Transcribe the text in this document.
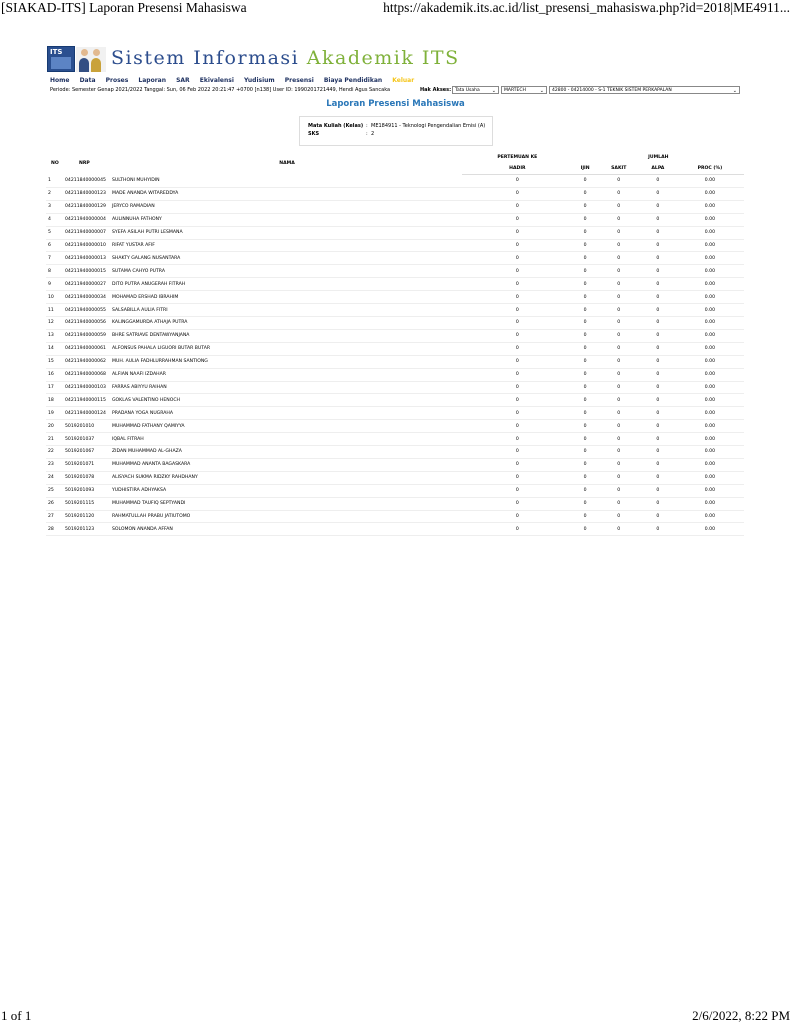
[SIAKAD-ITS] Laporan Presensi Mahasiswa	https://akademik.its.ac.id/list_presensi_mahasiswa.php?id=2018|ME4911...
ITS	Sistem Informasi Akademik ITS
Home Data Proses Laporan SAR Ekivalensi Yudisium Presensi Biaya Pendidikan Keluar
Periode: Semester Genap 2021/2022 Tanggal: Sun, 06 Feb 2022 20:21:47 +0700 [n138] User ID: 1990201721449, Hendi Agus Sancaka	Hak Akses: Tata Usaha ⌄	MARTECH	⌄	42800 - 04214000 - S-1 TEKNIK SISTEM PERKAPALAN	⌄
Laporan Presensi Mahasiswa
Mata Kuliah (Kelas) : ME184911 - Teknologi Pengendalian Emisi (A)
SKS	: 2
NO	NRP	NAMA	PERTEMUAN KE	JUMLAH			
			HADIR	IJIN	SAKIT	ALPA	PROC (%)
1	04211840000045	SULTHONI MUHYIDIN	0	0	0	0	0.00
2	04211840000123	MADE ANANDA WITAREDDYA	0	0	0	0	0.00
3	04211840000129	JERYCO RAMADIAN	0	0	0	0	0.00
4	04211940000004	AULINNUHA FATHONY	0	0	0	0	0.00
5	04211940000007	SYEFA ASILAH PUTRI LESMANA	0	0	0	0	0.00
6	04211940000010	RIFAT YUSTAR AFIF	0	0	0	0	0.00
7	04211940000013	SHAKTY GALANG NUSANTARA	0	0	0	0	0.00
8	04211940000015	SUTAMA CAHYO PUTRA	0	0	0	0	0.00
9	04211940000027	DITO PUTRA ANUGERAH FITRAH	0	0	0	0	0.00
10	04211940000034	MOHAMAD ERSHAD IBRAHIM	0	0	0	0	0.00
11	04211940000055	SALSABILLA AULIA FITRI	0	0	0	0	0.00
12	04211940000056	KALINGGAMURDA ATHAJA PUTRA	0	0	0	0	0.00
13	04211940000059	BHRE SATRIAVE DENTAWYANJANA	0	0	0	0	0.00
14	04211940000061	ALFONSUS PAHALA LIGUORI BUTAR BUTAR	0	0	0	0	0.00
15	04211940000062	MUH. AULIA FADHLURRAHMAN SANTIONG	0	0	0	0	0.00
16	04211940000068	ALFIAN NAAFI IZDAHAR	0	0	0	0	0.00
17	04211940000103	FARRAS ABIYYU RAIHAN	0	0	0	0	0.00
18	04211940000115	GOKLAS VALENTINO HENOCH	0	0	0	0	0.00
19	04211940000124	PRADANA YOGA NUGRAHA	0	0	0	0	0.00
20	5019201010	MUHAMMAD FATHANY QAMIYYA	0	0	0	0	0.00
21	5019201037	IQBAL FITRAH	0	0	0	0	0.00
22	5019201067	ZIDAN MUHAMMAD AL-GHAZA	0	0	0	0	0.00
23	5019201071	MUHAMMAD ANANTA BAGASKARA	0	0	0	0	0.00
24	5019201078	ALISYACH SUKMA RIDZKY RAHDHANY	0	0	0	0	0.00
25	5019201093	YUDHISTIRA ADHYAKSA	0	0	0	0	0.00
26	5019201115	MUHAMMAD TAUFIQ SEPTYANDI	0	0	0	0	0.00
27	5019201120	RAHMATULLAH PRABU JATIUTOMO	0	0	0	0	0.00
28	5019201123	SOLOMON ANANDA AFFAN	0	0	0	0	0.00
1 of 1	2/6/2022, 8:22 PM
